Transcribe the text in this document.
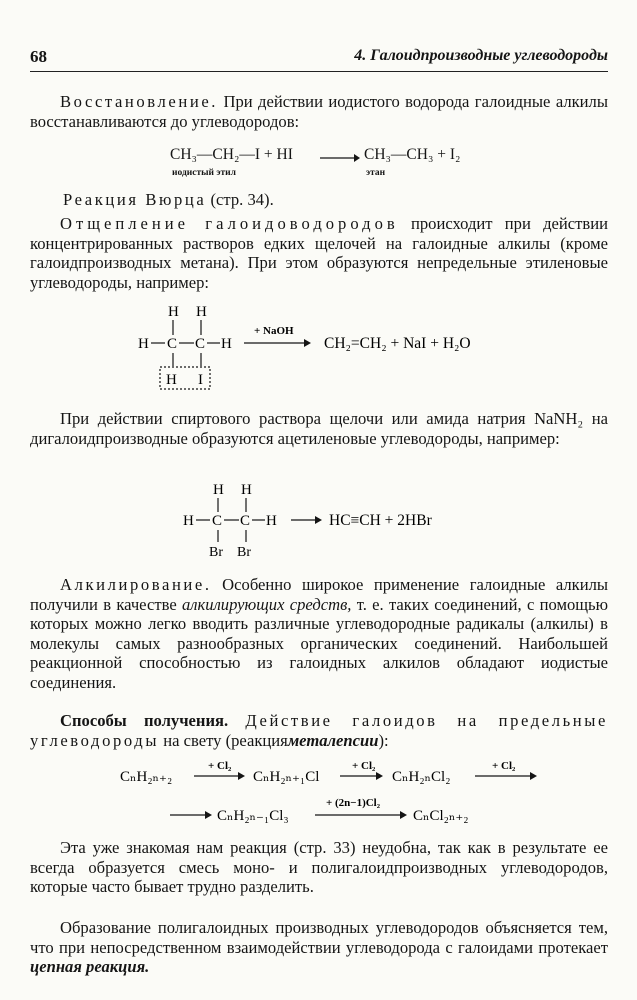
68	4. Галоидпроизводные углеводороды
Восстановление. При действии иодистого водорода галоидные алкилы восстанавливаются до углеводородов:
CH₃—CH₂—I + HI	CH₃—CH₃ + I₂
иодистый этил	этан
Реакция Вюрца (стр. 34).
Отщепление галоидоводородов происходит при действии концентрированных растворов едких щелочей на галоидные алкилы (кроме галоидпроизводных метана). При этом образуются непредельные этиленовые углеводороды, например:
H H
H C C H
H I
+ NaOH
CH₂=CH₂ + NaI + H₂O
При действии спиртового раствора щелочи или амида натрия NaNH₂ на дигалоидпроизводные образуются ацетиленовые углеводороды, например:
H H
H C C H
Br Br
HC≡CH + 2HBr
Алкилирование. Особенно широкое применение галоидные алкилы получили в качестве алкилирующих средств, т. е. таких соединений, с помощью которых можно легко вводить различные углеводородные радикалы (алкилы) в молекулы самых разнообразных органических соединений. Наибольшей реакционной способностью из галоидных алкилов обладают иодистые соединения.
Способы получения. Действие галоидов на предельные углеводороды на свету (реакцияметалепсии):
CₙH₂ₙ₊₂
+ Cl₂
CₙH₂ₙ₊₁Cl
+ Cl₂
CₙH₂ₙCl₂
+ Cl₂
CₙH₂ₙ₋₁Cl₃
+ (2n−1)Cl₂
CₙCl₂ₙ₊₂
Эта уже знакомая нам реакция (стр. 33) неудобна, так как в результате ее всегда образуется смесь моно- и полигалоидпроизводных углеводородов, которые часто бывает трудно разделить.
Образование полигалоидных производных углеводородов объясняется тем, что при непосредственном взаимодействии углеводорода с галоидами протекает цепная реакция.
